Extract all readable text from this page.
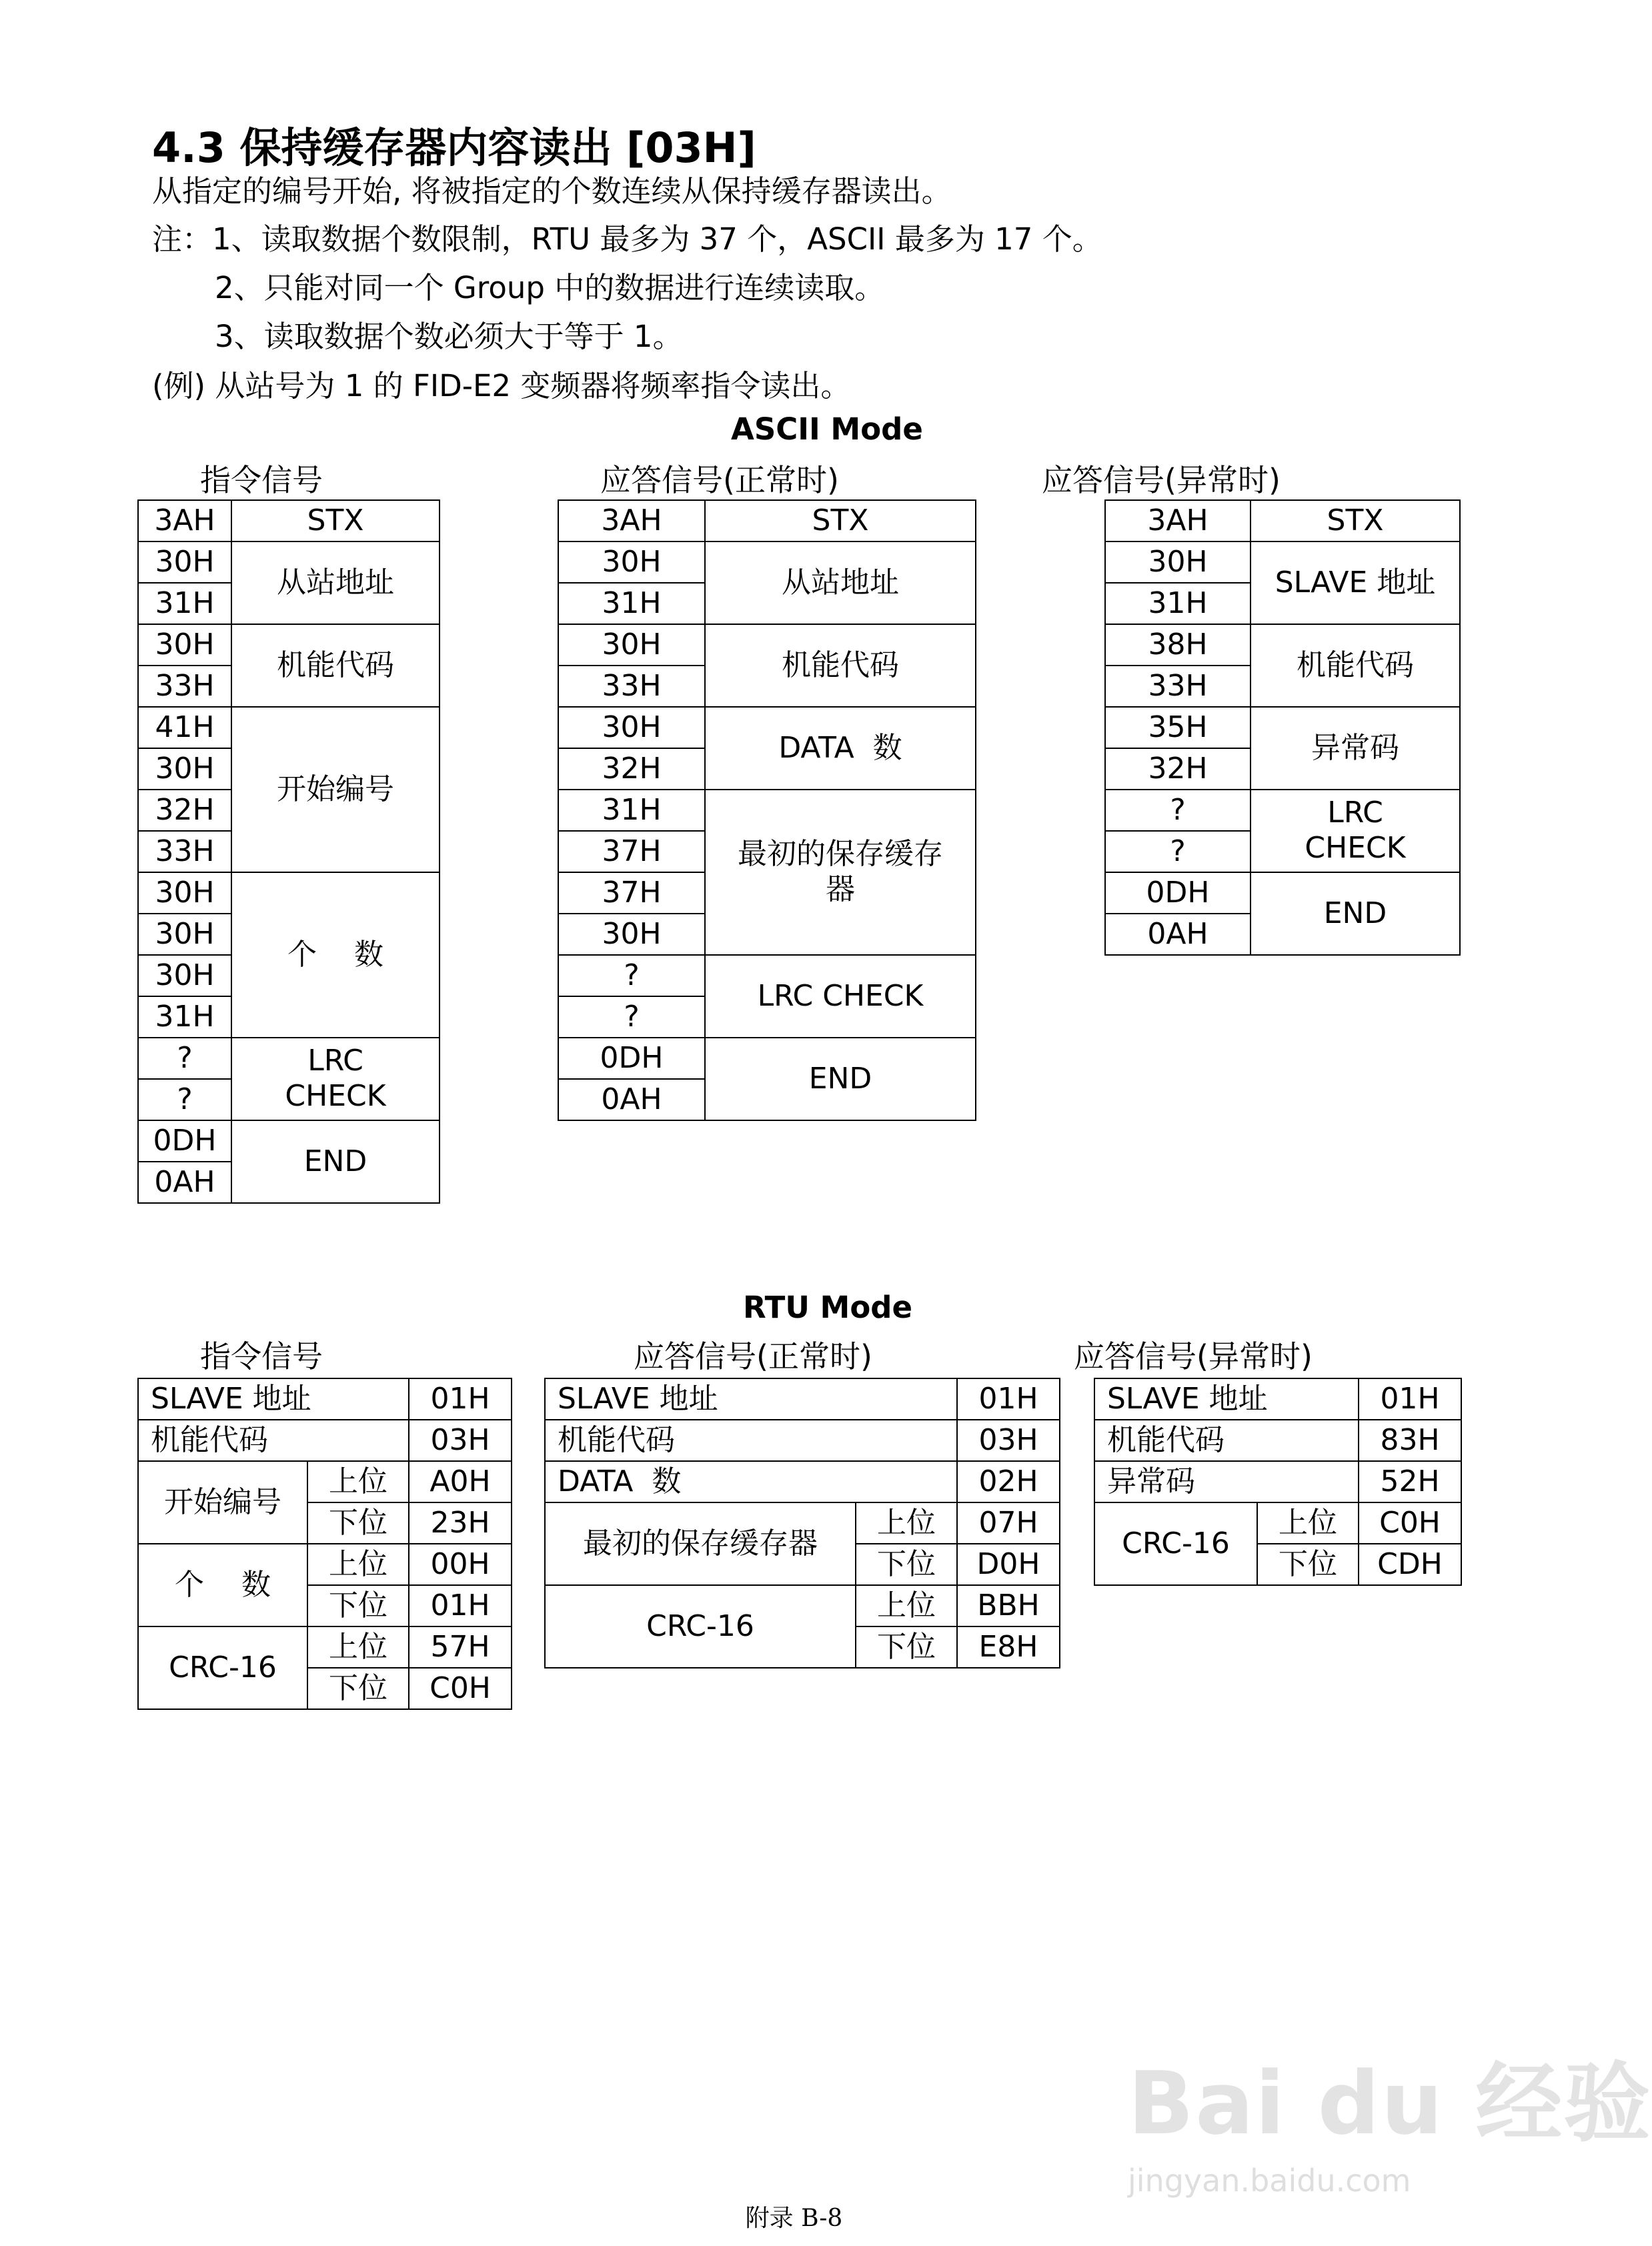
4.3 保持缓存器内容读出 [03H]
从指定的编号开始, 将被指定的个数连续从保持缓存器读出。
注：1、读取数据个数限制，RTU 最多为 37 个，ASCII 最多为 17 个。
2、只能对同一个 Group 中的数据进行连续读取。
3、读取数据个数必须大于等于 1。
(例) 从站号为 1 的 FID-E2 变频器将频率指令读出。
ASCII Mode
指令信号	应答信号(正常时)	应答信号(异常时)
3AH	STX
30H	从站地址
31H	
30H	机能代码
33H	
41H	开始编号
30H	
32H	
33H	
30H	个    数
30H	
30H	
31H	
?	LRC CHECK
?	
0DH	END
0AH	
3AH	STX
30H	从站地址
31H	
30H	机能代码
33H	
30H	DATA  数
32H	
31H	最初的保存缓存器
37H	
37H	
30H	
?	LRC CHECK
?	
0DH	END
0AH	
3AH	STX
30H	SLAVE 地址
31H	
38H	机能代码
33H	
35H	异常码
32H	
?	LRC CHECK
?	
0DH	END
0AH	
RTU Mode
指令信号	应答信号(正常时)	应答信号(异常时)
SLAVE 地址		01H
机能代码		03H
开始编号	上位	A0H
	下位	23H
个    数	上位	00H
	下位	01H
CRC-16	上位	57H
	下位	C0H
SLAVE 地址		01H
机能代码		03H
DATA  数		02H
最初的保存缓存器	上位	07H
	下位	D0H
CRC-16	上位	BBH
	下位	E8H
SLAVE 地址		01H
机能代码		83H
异常码		52H
CRC-16	上位	C0H
	下位	CDH
Bai du 经验
jingyan.baidu.com
附录 B-8
